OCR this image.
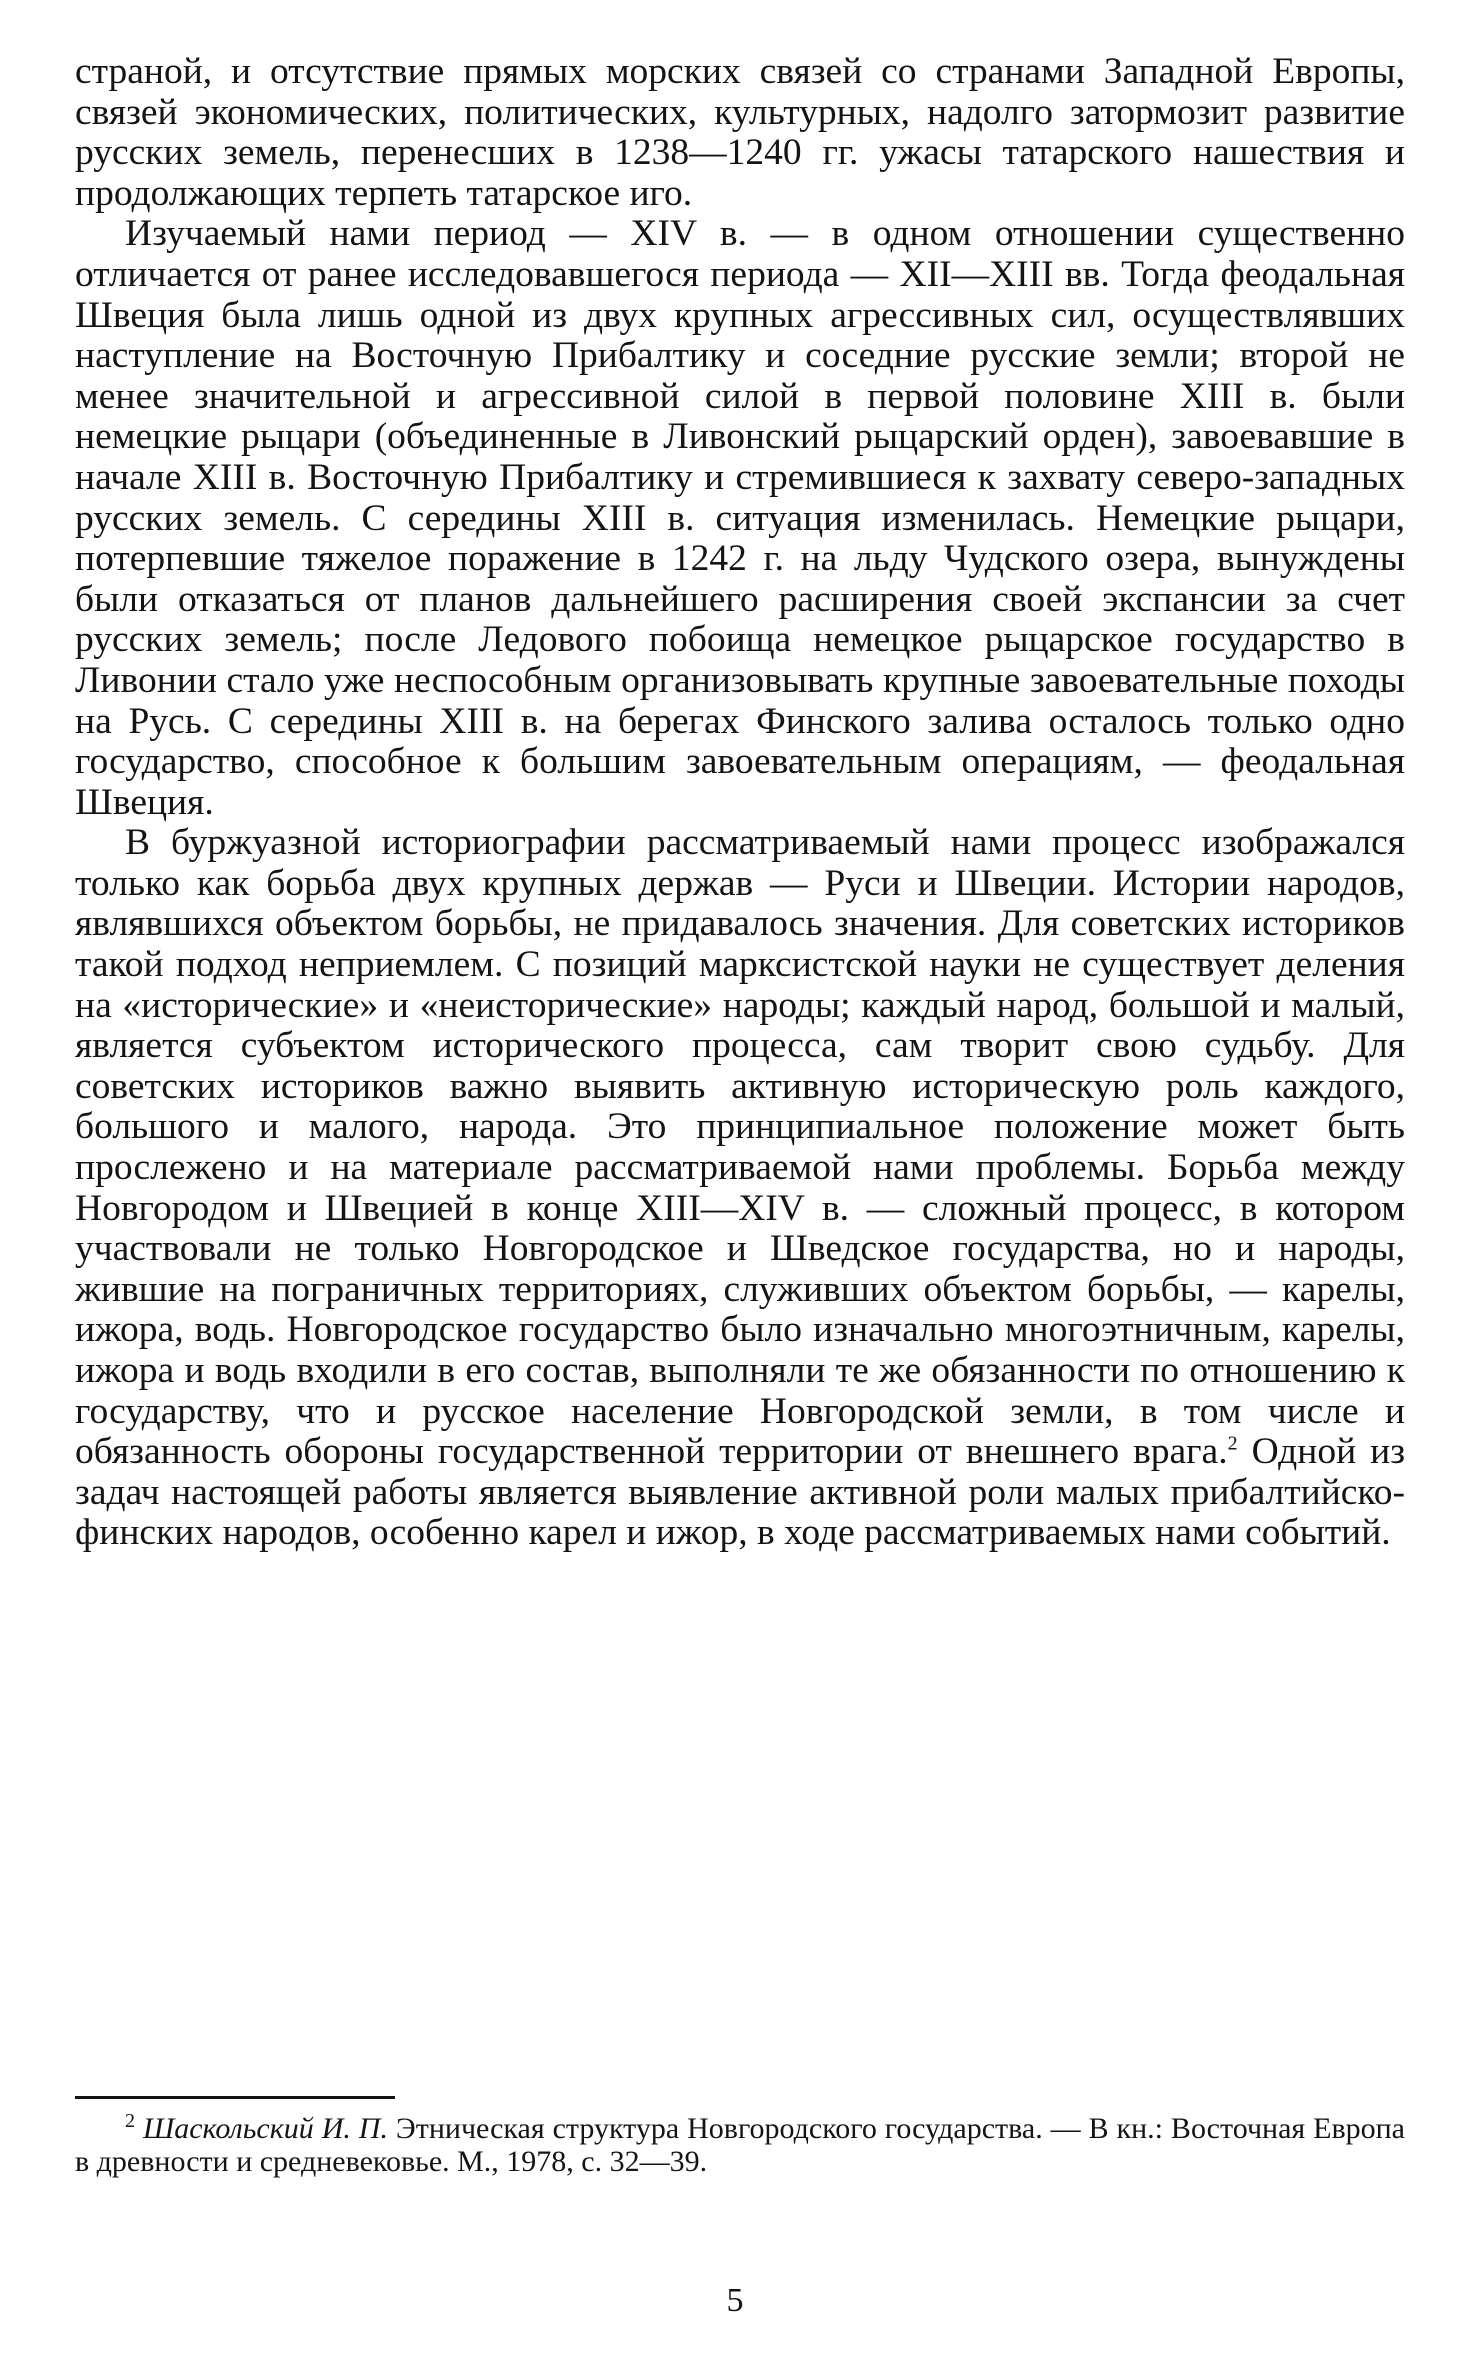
страной, и отсутствие прямых морских связей со странами Западной Европы, связей экономических, политических, культурных, надолго затормозит развитие русских земель, перенесших в 1238—1240 гг. ужасы татарского нашествия и продолжающих терпеть татарское иго.

Изучаемый нами период — XIV в. — в одном отношении существенно отличается от ранее исследовавшегося периода — XII—XIII вв. Тогда феодальная Швеция была лишь одной из двух крупных агрессивных сил, осуществлявших наступление на Восточную Прибалтику и соседние русские земли; второй не менее значительной и агрессивной силой в первой половине XIII в. были немецкие рыцари (объединенные в Ливонский рыцарский орден), завоевавшие в начале XIII в. Восточную Прибалтику и стремившиеся к захвату северо-западных русских земель. С середины XIII в. ситуация изменилась. Немецкие рыцари, потерпевшие тяжелое поражение в 1242 г. на льду Чудского озера, вынуждены были отказаться от планов дальнейшего расширения своей экспансии за счет русских земель; после Ледового побоища немецкое рыцарское государство в Ливонии стало уже неспособным организовывать крупные завоевательные походы на Русь. С середины XIII в. на берегах Финского залива осталось только одно государство, способное к большим завоевательным операциям, — феодальная Швеция.

В буржуазной историографии рассматриваемый нами процесс изображался только как борьба двух крупных держав — Руси и Швеции. Истории народов, являвшихся объектом борьбы, не придавалось значения. Для советских историков такой подход неприемлем. С позиций марксистской науки не существует деления на «исторические» и «неисторические» народы; каждый народ, большой и малый, является субъектом исторического процесса, сам творит свою судьбу. Для советских историков важно выявить активную историческую роль каждого, большого и малого, народа. Это принципиальное положение может быть прослежено и на материале рассматриваемой нами проблемы. Борьба между Новгородом и Швецией в конце XIII—XIV в. — сложный процесс, в котором участвовали не только Новгородское и Шведское государства, но и народы, жившие на пограничных территориях, служивших объектом борьбы, — карелы, ижора, водь. Новгородское государство было изначально многоэтничным, карелы, ижора и водь входили в его состав, выполняли те же обязанности по отношению к государству, что и русское население Новгородской земли, в том числе и обязанность обороны государственной территории от внешнего врага.$^2$ Одной из задач настоящей работы является выявление активной роли малых прибалтийско-финских народов, особенно карел и ижор, в ходе рассматриваемых нами событий.

$^2$ Шаскольский И. П. Этническая структура Новгородского государства. — В кн.: Восточная Европа в древности и средневековье. М., 1978, с. 32—39.

5
